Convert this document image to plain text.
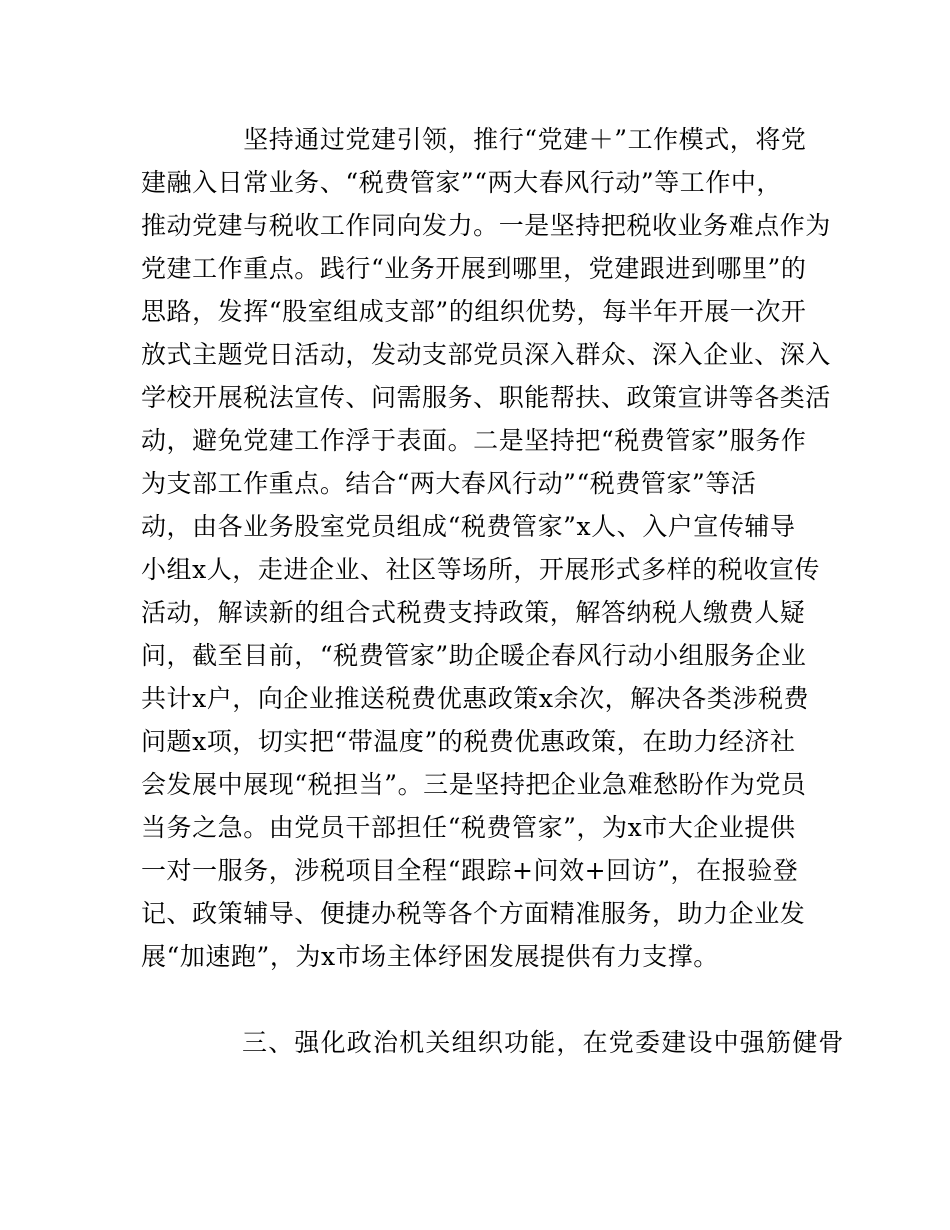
　　　　坚持通过党建引领，推行“党建＋”工作模式，将党
建融入日常业务、“税费管家”“两大春风行动”等工作中，
推动党建与税收工作同向发力。一是坚持把税收业务难点作为
党建工作重点。践行“业务开展到哪里，党建跟进到哪里”的
思路，发挥“股室组成支部”的组织优势，每半年开展一次开
放式主题党日活动，发动支部党员深入群众、深入企业、深入
学校开展税法宣传、问需服务、职能帮扶、政策宣讲等各类活
动，避免党建工作浮于表面。二是坚持把“税费管家”服务作
为支部工作重点。结合“两大春风行动”“税费管家”等活
动，由各业务股室党员组成“税费管家”x人、入户宣传辅导
小组x人，走进企业、社区等场所，开展形式多样的税收宣传
活动，解读新的组合式税费支持政策，解答纳税人缴费人疑
问，截至目前，“税费管家”助企暖企春风行动小组服务企业
共计x户，向企业推送税费优惠政策x余次，解决各类涉税费
问题x项，切实把“带温度”的税费优惠政策，在助力经济社
会发展中展现“税担当”。三是坚持把企业急难愁盼作为党员
当务之急。由党员干部担任“税费管家”，为x市大企业提供
一对一服务，涉税项目全程“跟踪+问效+回访”，在报验登
记、政策辅导、便捷办税等各个方面精准服务，助力企业发
展“加速跑”，为x市场主体纾困发展提供有力支撑。
三、强化政治机关组织功能，在党委建设中强筋健骨
